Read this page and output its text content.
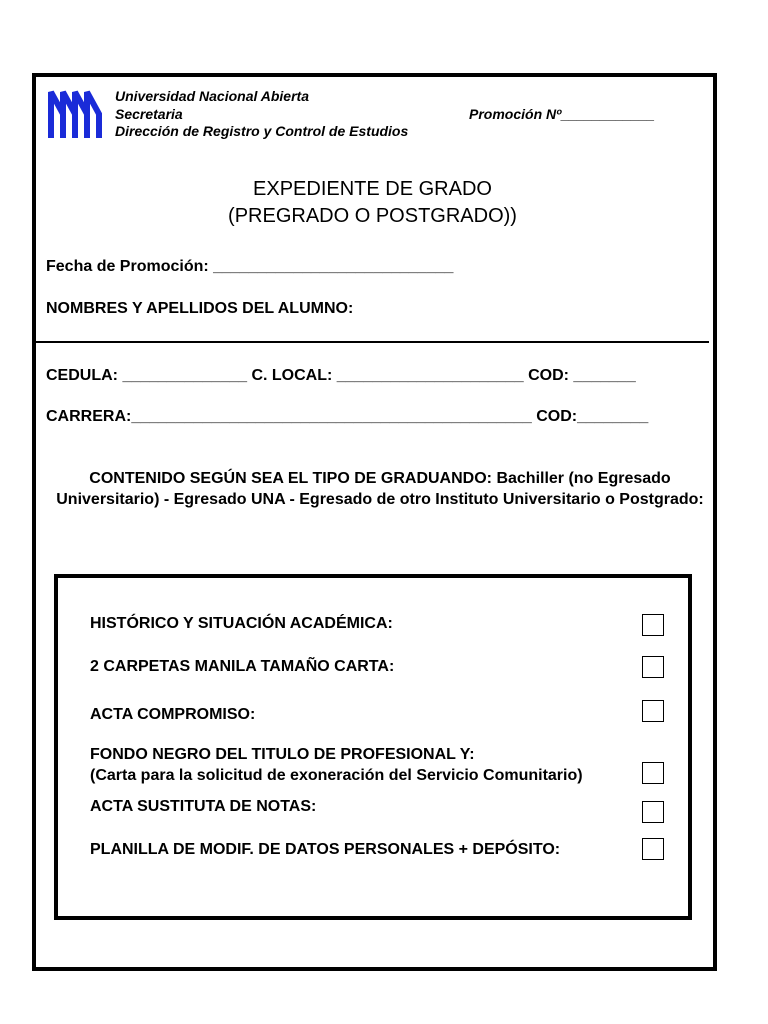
Universidad Nacional Abierta
Secretaria
Dirección de Registro y Control de Estudios
Promoción Nº____________
EXPEDIENTE DE GRADO
(PREGRADO O POSTGRADO))
Fecha de Promoción: ___________________________
NOMBRES Y APELLIDOS DEL ALUMNO:
CEDULA: ______________ C. LOCAL: _____________________ COD: _______
CARRERA:_____________________________________________ COD:________
CONTENIDO SEGÚN SEA EL TIPO DE GRADUANDO: Bachiller (no Egresado Universitario) - Egresado UNA - Egresado de otro Instituto Universitario o Postgrado:
HISTÓRICO Y SITUACIÓN ACADÉMICA:
2 CARPETAS MANILA TAMAÑO CARTA:
ACTA COMPROMISO:
FONDO NEGRO DEL TITULO DE PROFESIONAL Y:
(Carta para la solicitud de exoneración del Servicio Comunitario)
ACTA SUSTITUTA DE NOTAS:
PLANILLA DE MODIF. DE DATOS PERSONALES + DEPÓSITO:
